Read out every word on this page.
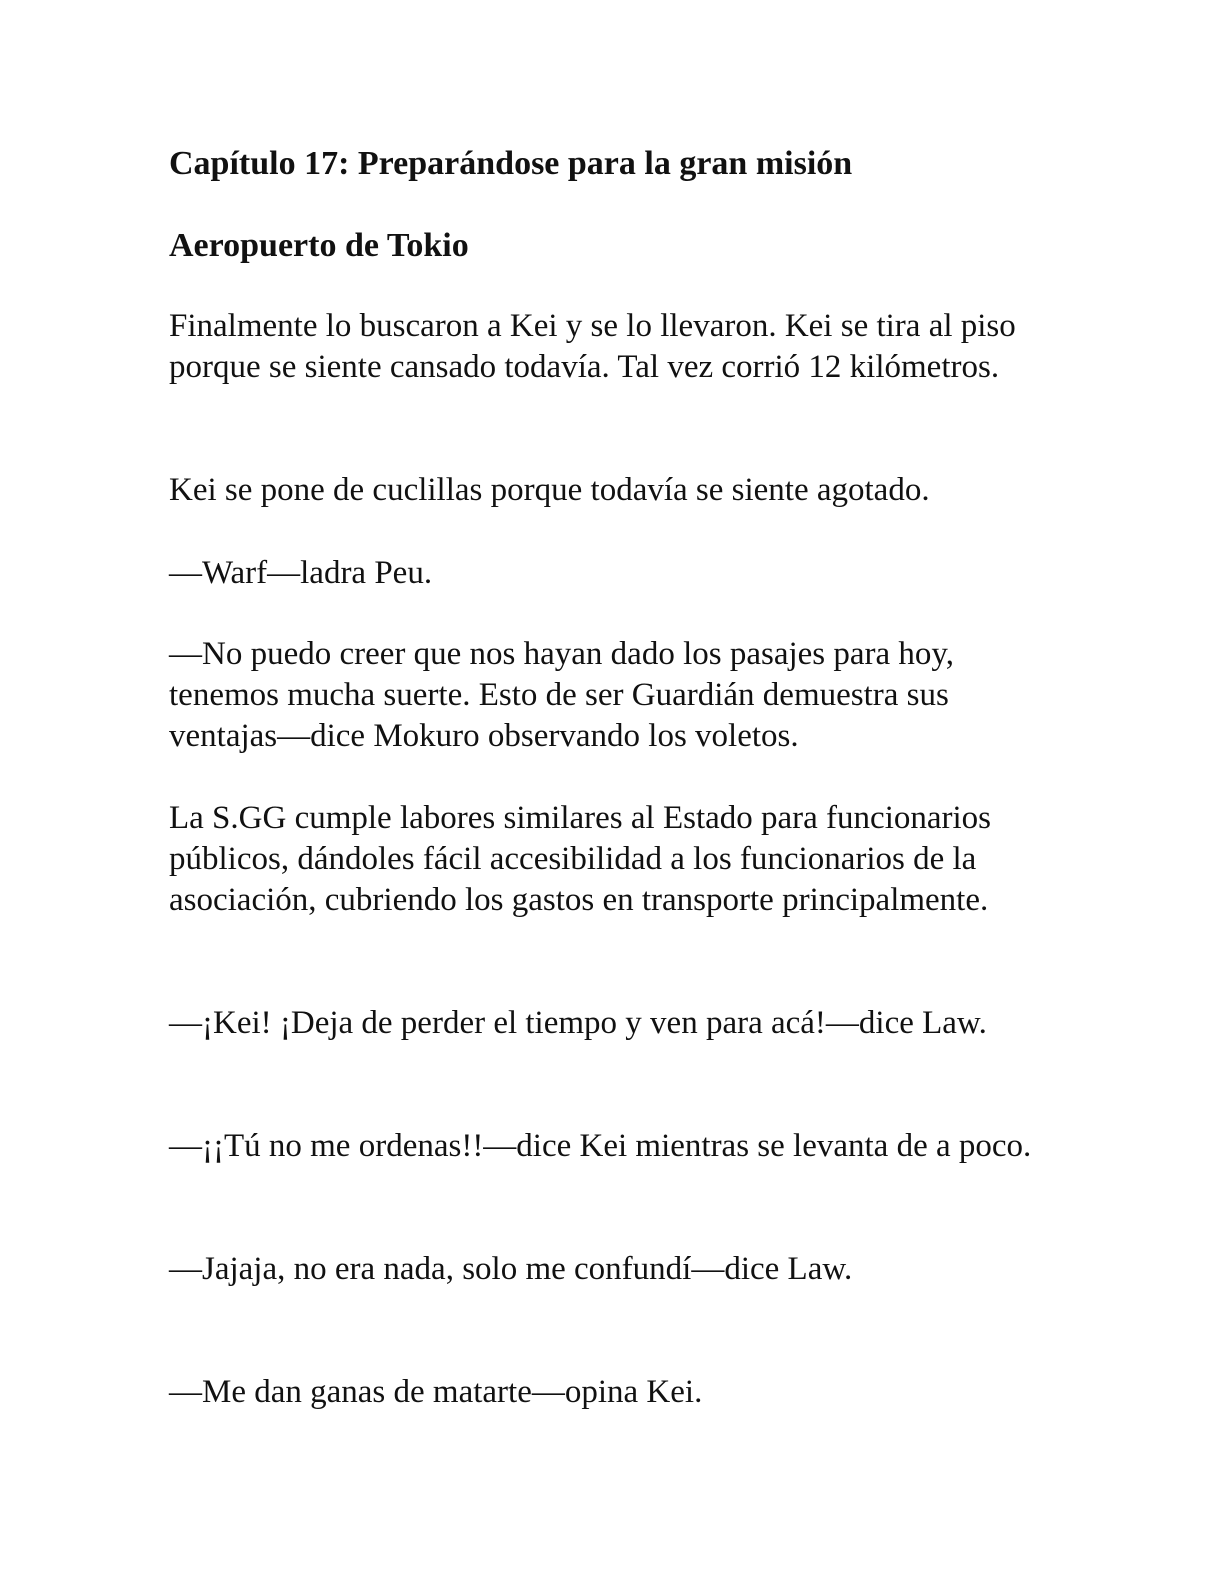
Capítulo 17: Preparándose para la gran misión
Aeropuerto de Tokio

Finalmente lo buscaron a Kei y se lo llevaron. Kei se tira al piso porque se siente cansado todavía. Tal vez corrió 12 kilómetros.

Kei se pone de cuclillas porque todavía se siente agotado.

—Warf—ladra Peu.

—No puedo creer que nos hayan dado los pasajes para hoy, tenemos mucha suerte. Esto de ser Guardián demuestra sus ventajas—dice Mokuro observando los voletos.

La S.GG cumple labores similares al Estado para funcionarios públicos, dándoles fácil accesibilidad a los funcionarios de la asociación, cubriendo los gastos en transporte principalmente.

—¡Kei! ¡Deja de perder el tiempo y ven para acá!—dice Law.

—¡¡Tú no me ordenas!!—dice Kei mientras se levanta de a poco.

—Jajaja, no era nada, solo me confundí—dice Law.

—Me dan ganas de matarte—opina Kei.
